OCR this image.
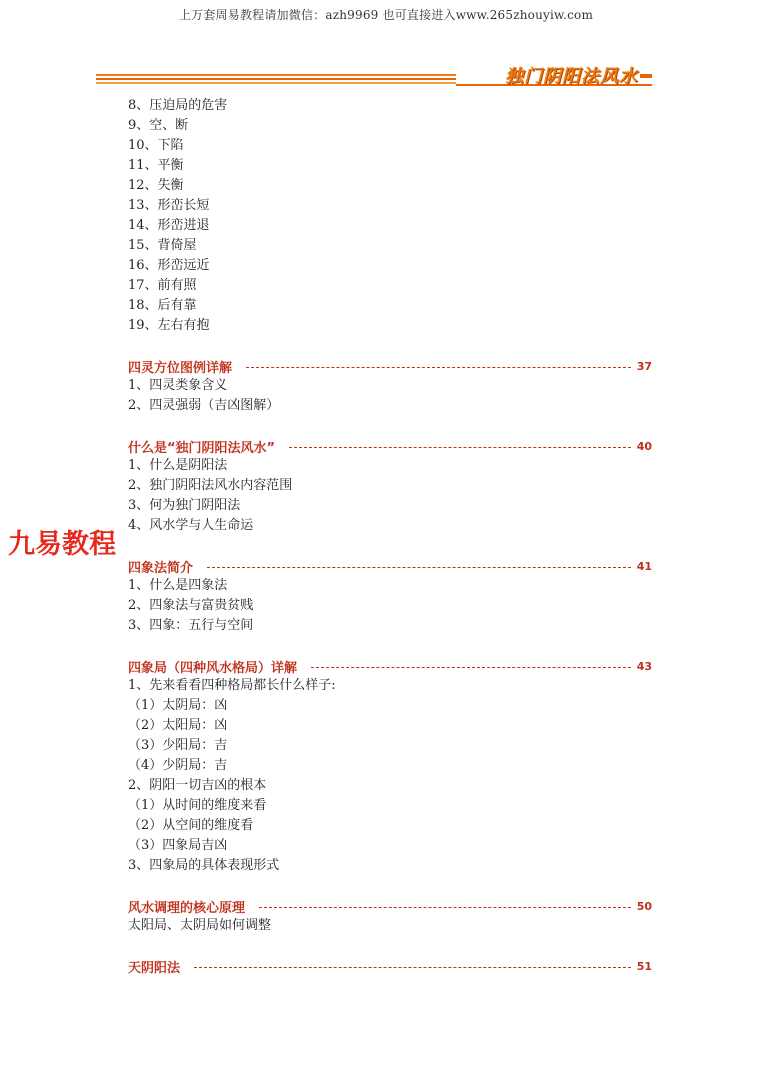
上万套周易教程请加微信：azh9969 也可直接进入www.265zhouyiw.com
独门阴阳法风水
九易教程
8、压迫局的危害
9、空、断
10、下陷
11、平衡
12、失衡
13、形峦长短
14、形峦进退
15、背倚屋
16、形峦远近
17、前有照
18、后有靠
19、左右有抱
四灵方位图例详解	37
1、四灵类象含义
2、四灵强弱（吉凶图解）
什么是“独门阴阳法风水”	40
1、什么是阴阳法
2、独门阴阳法风水内容范围
3、何为独门阴阳法
4、风水学与人生命运
四象法简介	41
1、什么是四象法
2、四象法与富贵贫贱
3、四象：五行与空间
四象局（四种风水格局）详解	43
1、先来看看四种格局都长什么样子:
（1）太阴局：凶
（2）太阳局：凶
（3）少阳局：吉
（4）少阴局：吉
2、阴阳一切吉凶的根本
（1）从时间的维度来看
（2）从空间的维度看
（3）四象局吉凶
3、四象局的具体表现形式
风水调理的核心原理	50
太阳局、太阴局如何调整
天阴阳法	51
